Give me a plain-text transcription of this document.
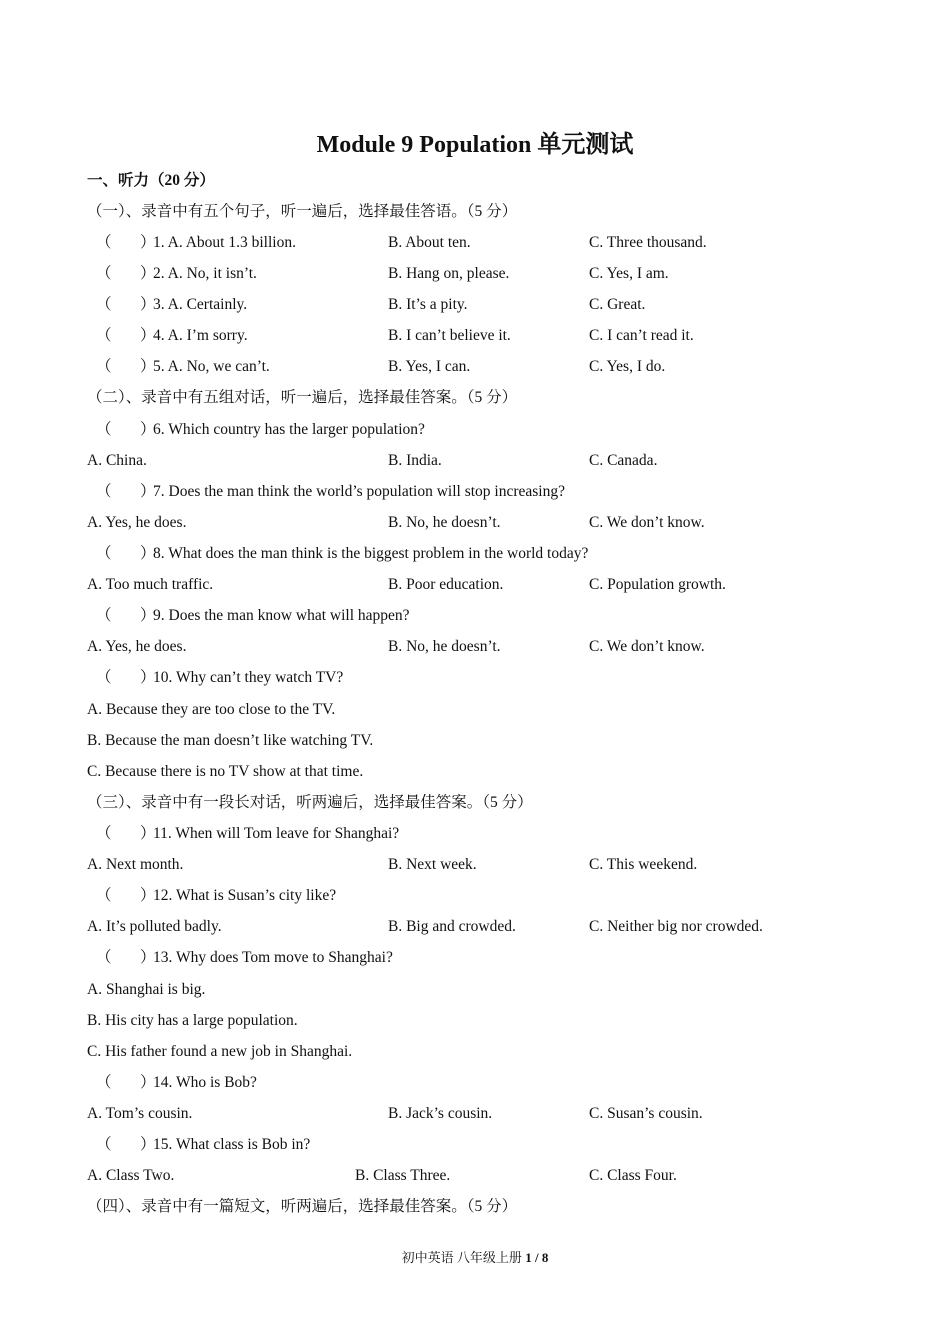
Module 9 Population 单元测试
一、听力（20 分）
（一）、录音中有五个句子，听一遍后，选择最佳答语。（5 分）
（ ）
1. A. About 1.3 billion.	B. About ten.	C. Three thousand.
（ ）
2. A. No, it isn’t.	B. Hang on, please.	C. Yes, I am.
（ ）
3. A. Certainly.	B. It’s a pity.	C. Great.
（ ）
4. A. I’m sorry.	B. I can’t believe it.	C. I can’t read it.
（ ）
5. A. No, we can’t.	B. Yes, I can.	C. Yes, I do.
（二）、录音中有五组对话，听一遍后，选择最佳答案。（5 分）
（ ）
6. Which country has the larger population?
A. China.	B. India.	C. Canada.
（ ）
7. Does the man think the world’s population will stop increasing?
A. Yes, he does.	B. No, he doesn’t.	C. We don’t know.
（ ）
8. What does the man think is the biggest problem in the world today?
A. Too much traffic.	B. Poor education.	C. Population growth.
（ ）
9. Does the man know what will happen?
A. Yes, he does.	B. No, he doesn’t.	C. We don’t know.
（ ）
10. Why can’t they watch TV?
A. Because they are too close to the TV.
B. Because the man doesn’t like watching TV.
C. Because there is no TV show at that time.
（三）、录音中有一段长对话，听两遍后，选择最佳答案。（5 分）
（ ）
11. When will Tom leave for Shanghai?
A. Next month.	B. Next week.	C. This weekend.
（ ）
12. What is Susan’s city like?
A. It’s polluted badly.	B. Big and crowded.	C. Neither big nor crowded.
（ ）
13. Why does Tom move to Shanghai?
A. Shanghai is big.
B. His city has a large population.
C. His father found a new job in Shanghai.
（ ）
14. Who is Bob?
A. Tom’s cousin.	B. Jack’s cousin.	C. Susan’s cousin.
（ ）
15. What class is Bob in?
A. Class Two.	B. Class Three.	C. Class Four.
（四）、录音中有一篇短文，听两遍后，选择最佳答案。（5 分）
初中英语 八年级上册 1 / 8
